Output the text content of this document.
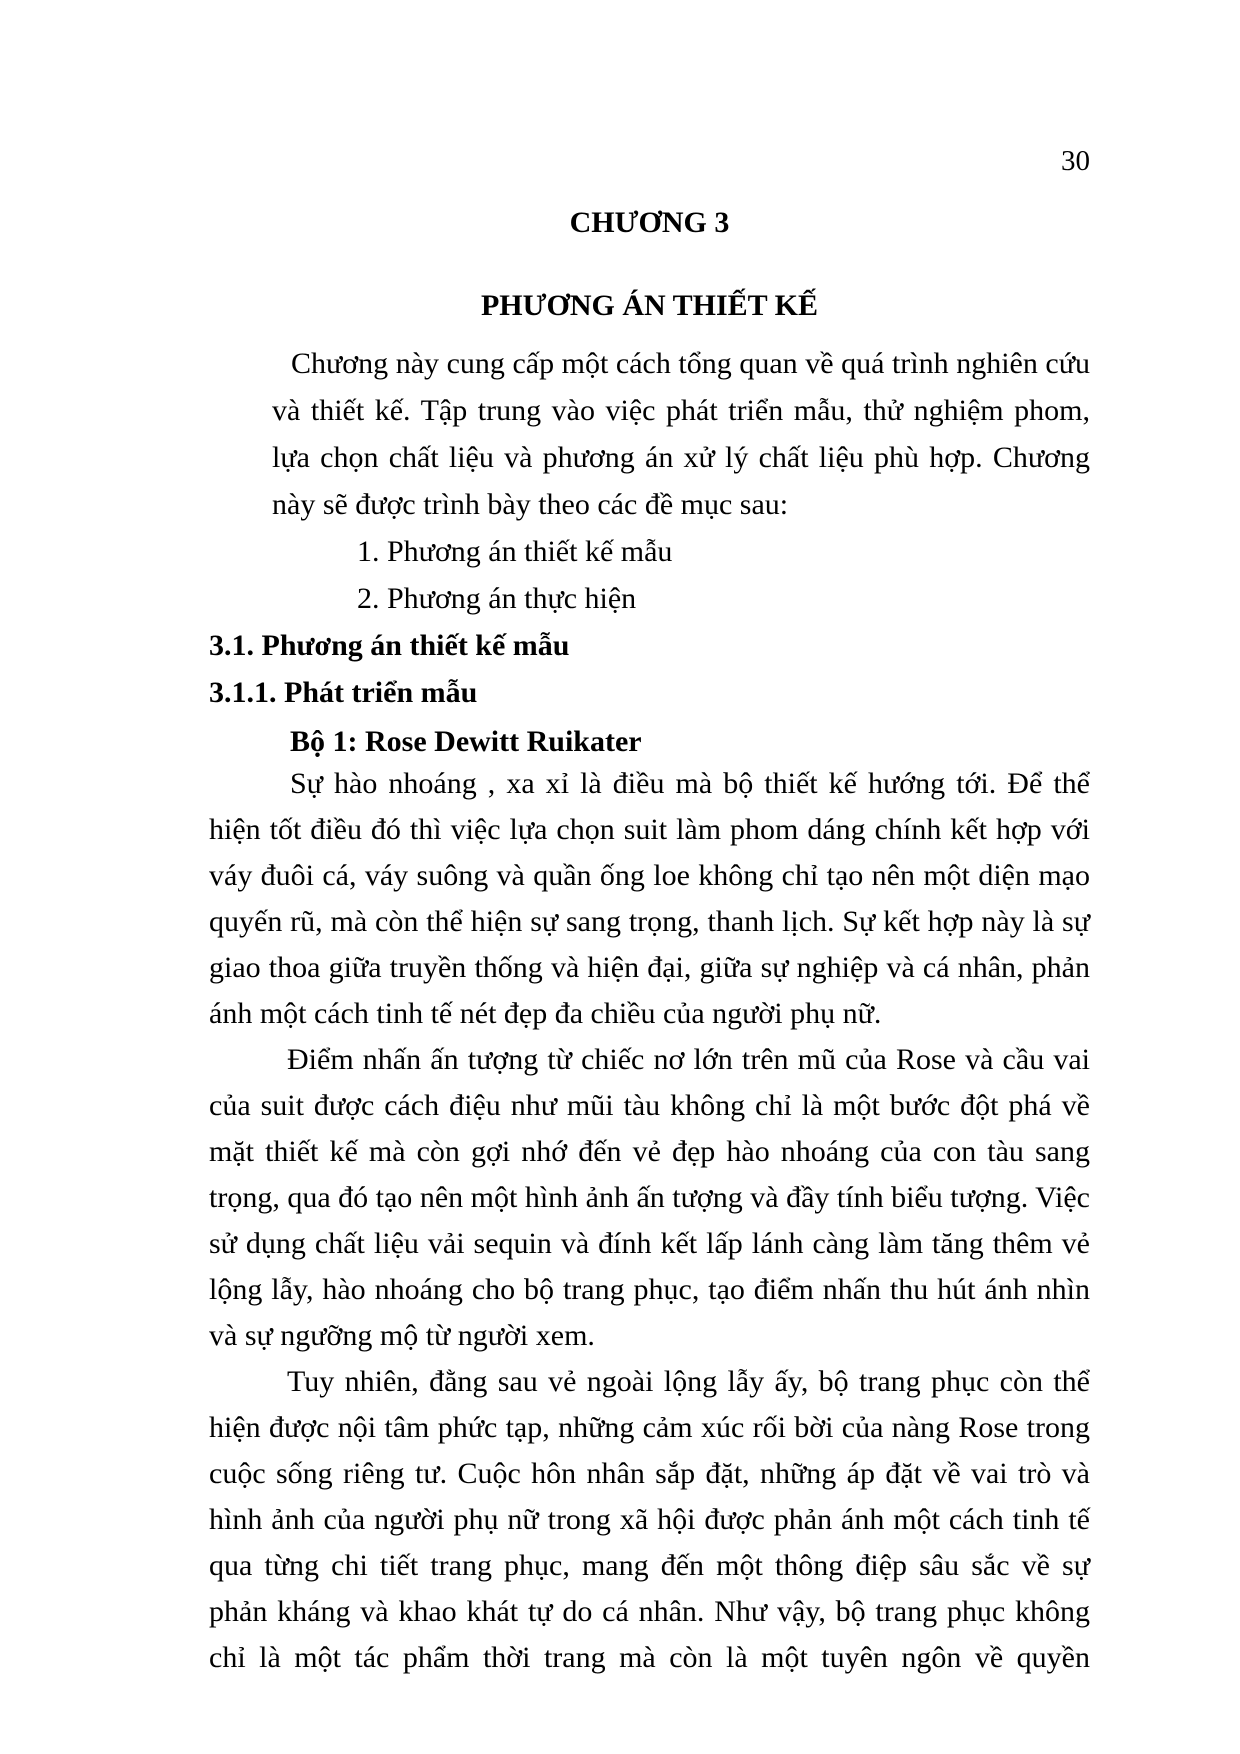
30
CHƯƠNG 3
PHƯƠNG ÁN THIẾT KẾ

Chương này cung cấp một cách tổng quan về quá trình nghiên cứu và thiết kế. Tập trung vào việc phát triển mẫu, thử nghiệm phom, lựa chọn chất liệu và phương án xử lý chất liệu phù hợp. Chương này sẽ được trình bày theo các đề mục sau:

1. Phương án thiết kế mẫu
2. Phương án thực hiện
3.1. Phương án thiết kế mẫu
3.1.1. Phát triển mẫu

Bộ 1: Rose Dewitt Ruikater

Sự hào nhoáng , xa xỉ là điều mà bộ thiết kế hướng tới. Để thể hiện tốt điều đó thì việc lựa chọn suit làm phom dáng chính kết hợp với váy đuôi cá, váy suông và quần ống loe không chỉ tạo nên một diện mạo quyến rũ, mà còn thể hiện sự sang trọng, thanh lịch. Sự kết hợp này là sự giao thoa giữa truyền thống và hiện đại, giữa sự nghiệp và cá nhân, phản ánh một cách tinh tế nét đẹp đa chiều của người phụ nữ.

Điểm nhấn ấn tượng từ chiếc nơ lớn trên mũ của Rose và cầu vai của suit được cách điệu như mũi tàu không chỉ là một bước đột phá về mặt thiết kế mà còn gợi nhớ đến vẻ đẹp hào nhoáng của con tàu sang trọng, qua đó tạo nên một hình ảnh ấn tượng và đầy tính biểu tượng. Việc sử dụng chất liệu vải sequin và đính kết lấp lánh càng làm tăng thêm vẻ lộng lẫy, hào nhoáng cho bộ trang phục, tạo điểm nhấn thu hút ánh nhìn và sự ngưỡng mộ từ người xem.

Tuy nhiên, đằng sau vẻ ngoài lộng lẫy ấy, bộ trang phục còn thể hiện được nội tâm phức tạp, những cảm xúc rối bời của nàng Rose trong cuộc sống riêng tư. Cuộc hôn nhân sắp đặt, những áp đặt về vai trò và hình ảnh của người phụ nữ trong xã hội được phản ánh một cách tinh tế qua từng chi tiết trang phục, mang đến một thông điệp sâu sắc về sự phản kháng và khao khát tự do cá nhân. Như vậy, bộ trang phục không chỉ là một tác phẩm thời trang mà còn là một tuyên ngôn về quyền
